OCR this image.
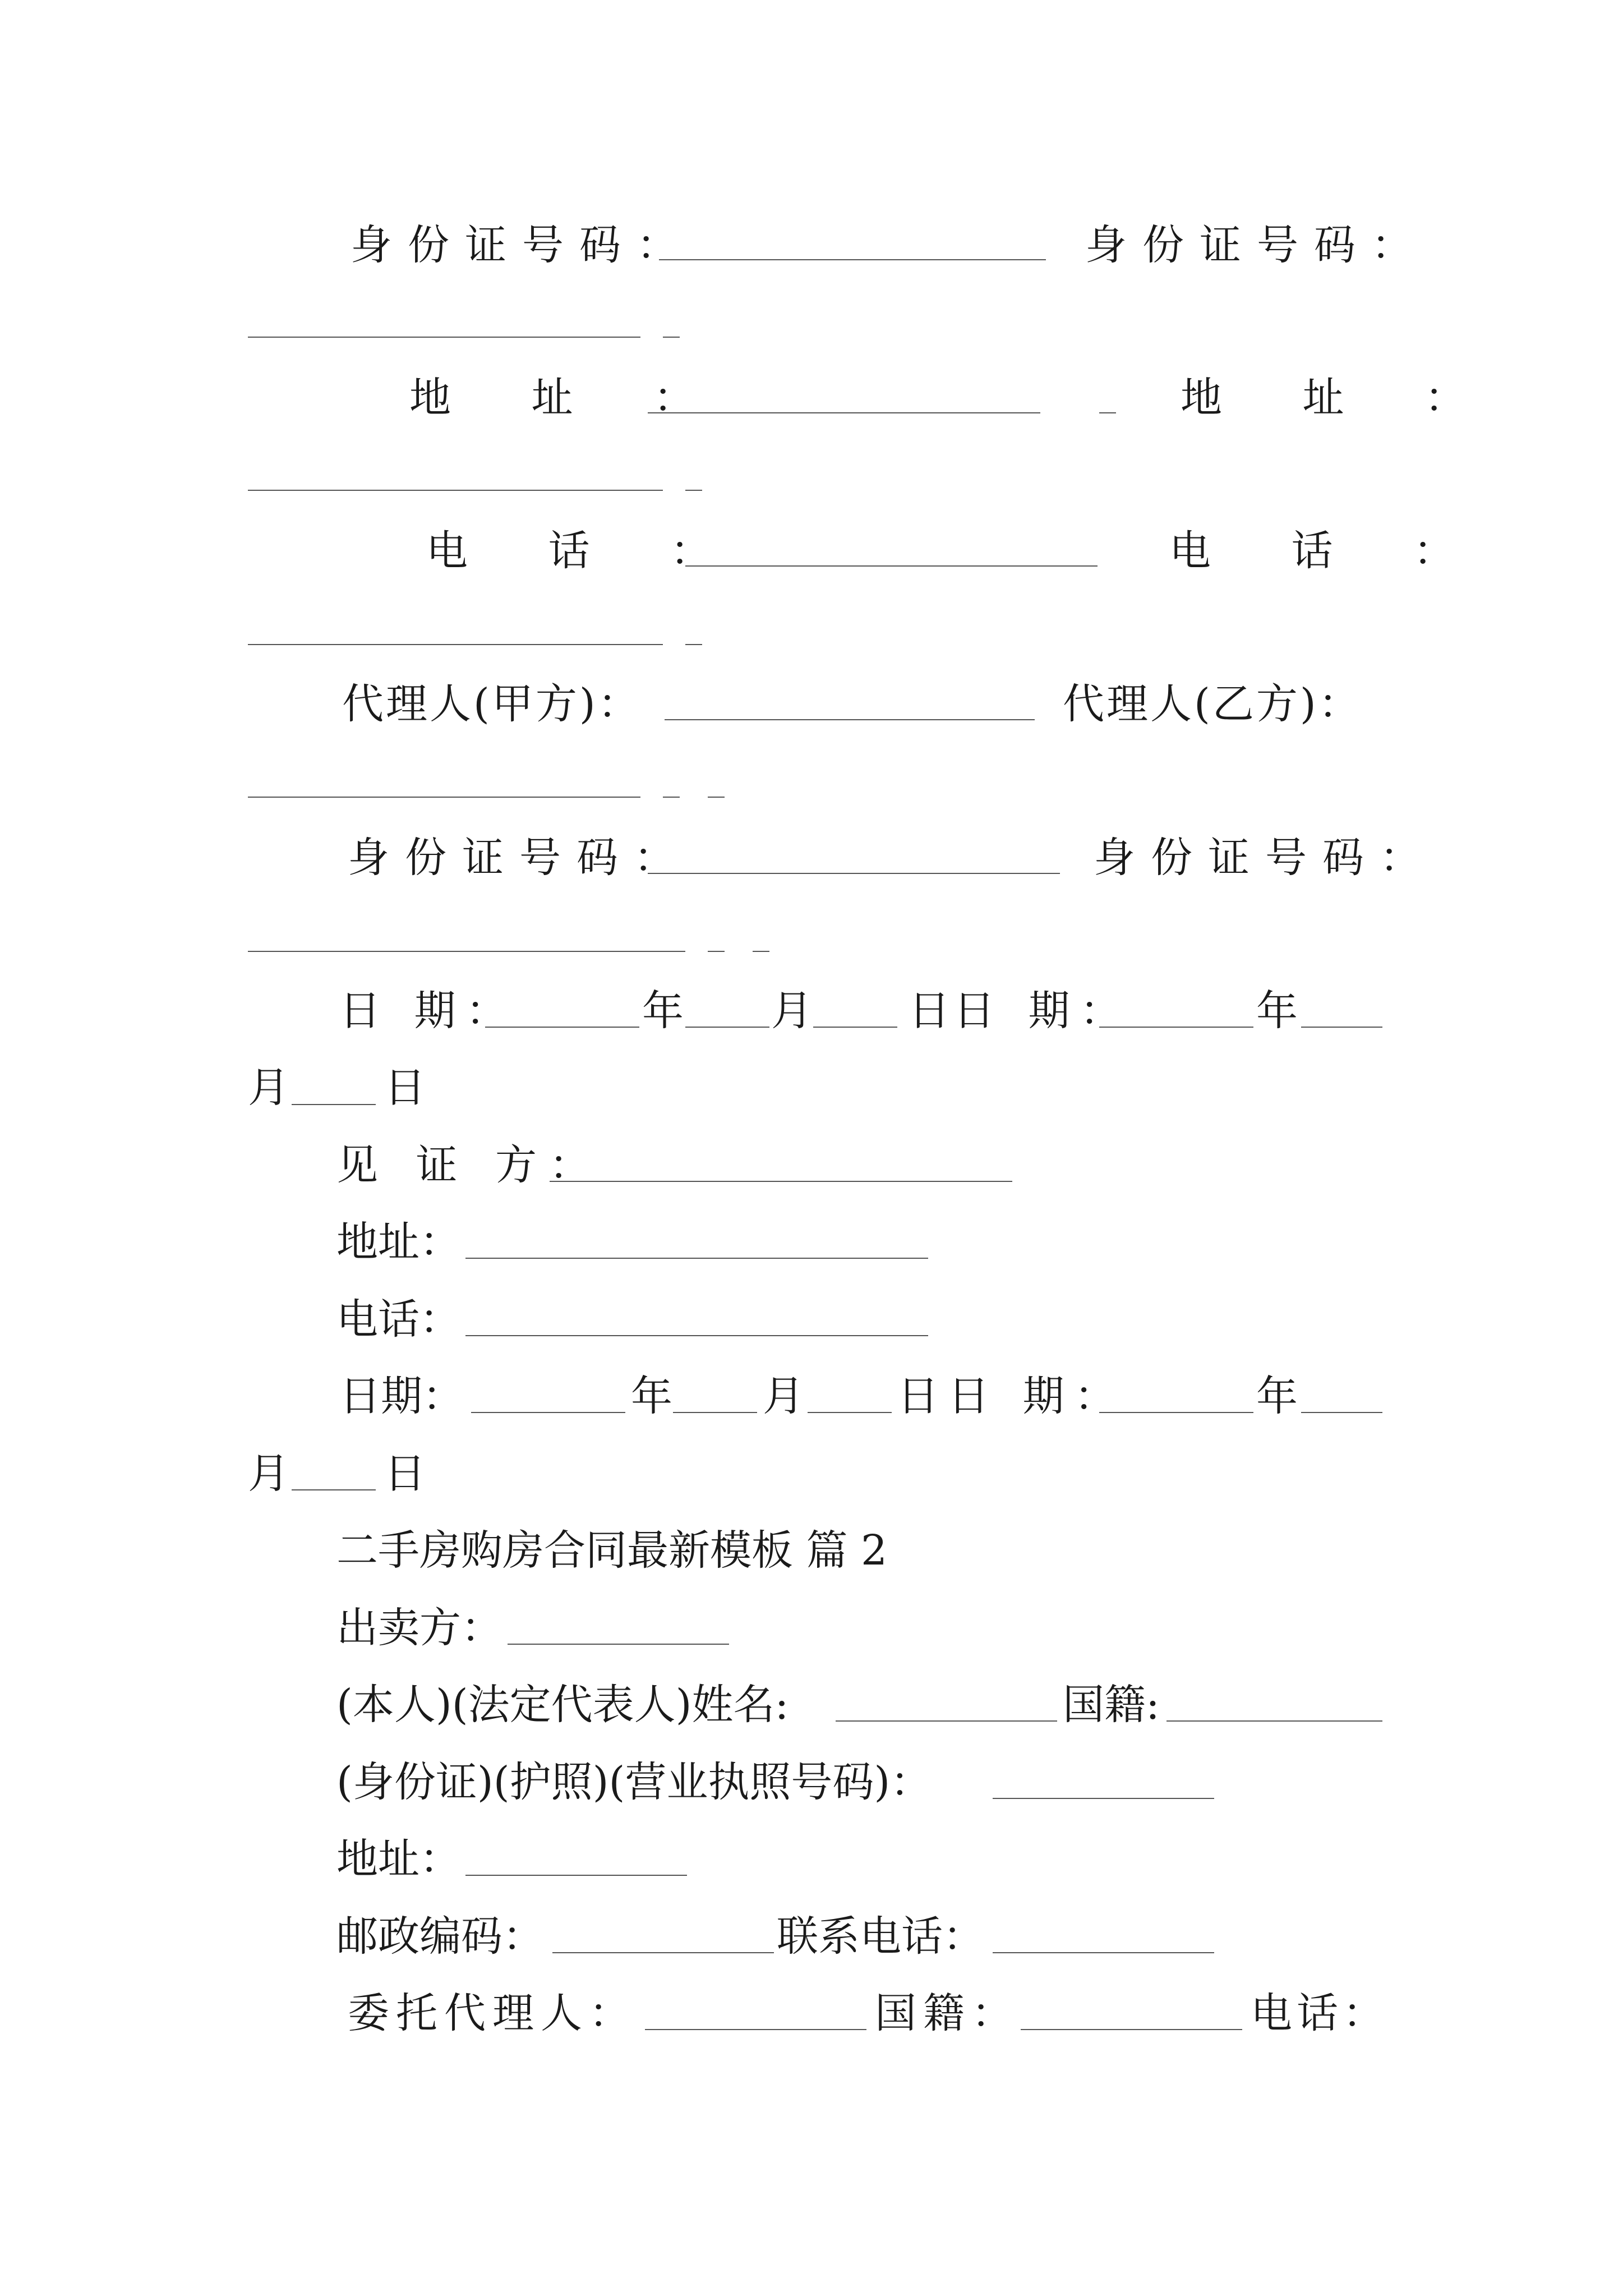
身份证号码：	身份证号码：
地 址 ：	地 址 ：
电 话 ：	电 话 ：
代理人(甲方)：	代理人(乙方)：
身份证号码：	身份证号码：
日 期：	年 月 日 日 期：	年
月 日
见 证 方：
地址：
电话：
日期：	年 月 日 日 期：	年
月 日
二手房购房合同最新模板 篇 2
出卖方：
(本人)(法定代表人)姓名:	国籍:
(身份证)(护照)(营业执照号码)：
地址：
邮政编码：	联系电话：
委托代理人：	国籍：	电话：
